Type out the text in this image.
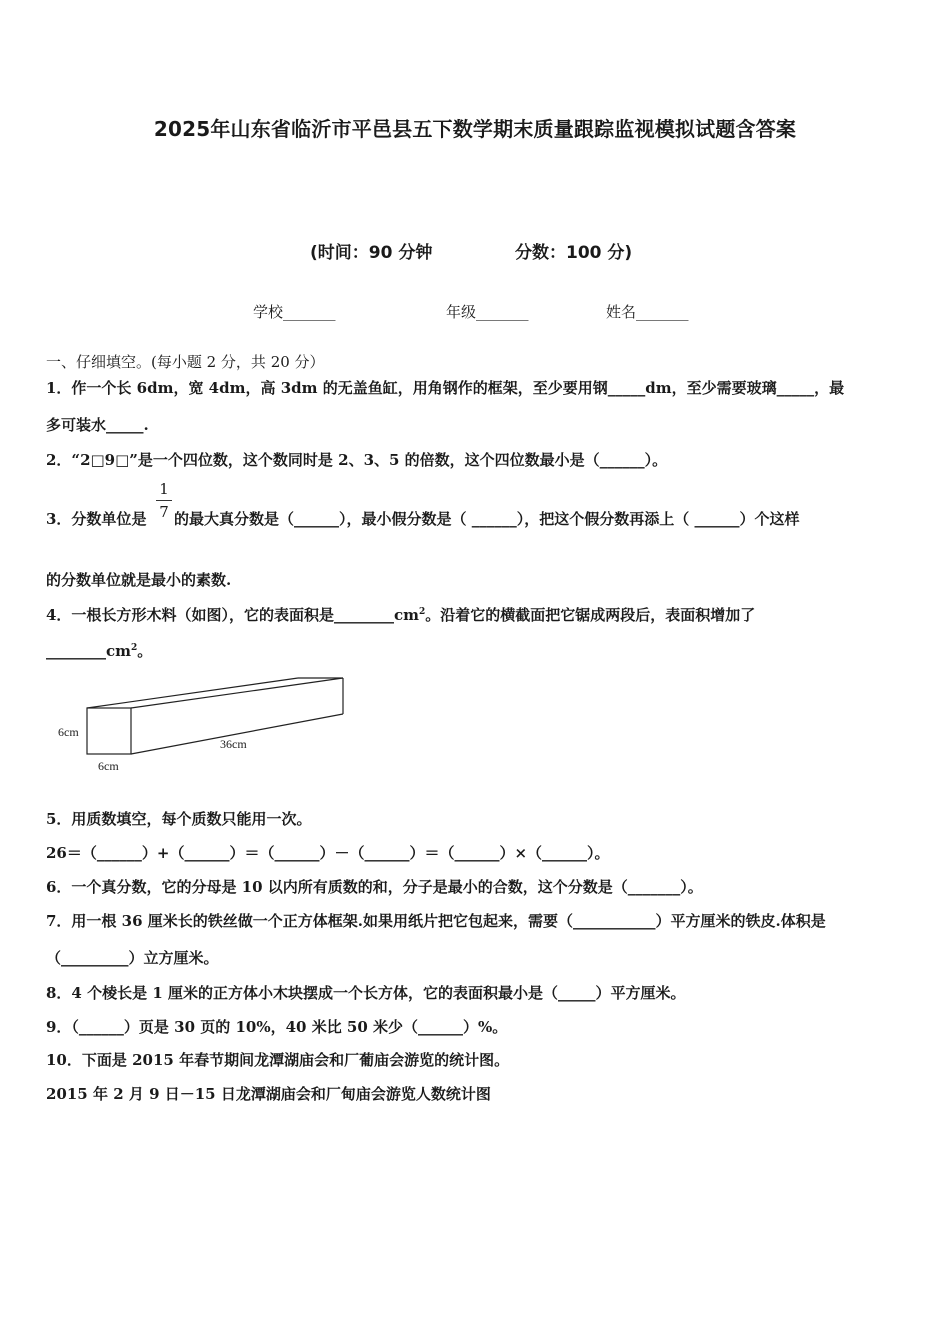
2025年山东省临沂市平邑县五下数学期末质量跟踪监视模拟试题含答案
(时间：90 分钟	分数：100 分)
学校_______	年级_______	姓名_______
一、仔细填空。(每小题 2 分，共 20 分）
1．作一个长 6dm，宽 4dm，高 3dm 的无盖鱼缸，用角钢作的框架，至少要用钢_____dm，至少需要玻璃_____，最
多可装水_____.
2．“2□9□”是一个四位数，这个数同时是 2、3、5 的倍数，这个四位数最小是（______）。
3．分数单位是
1
7 的最大真分数是（______），最小假分数是（ ______），把这个假分数再添上（ ______）个这样
的分数单位就是最小的素数.
4．一根长方形木料（如图），它的表面积是$\_\_\_\_\_\_\_\_cm^2$。沿着它的横截面把它锯成两段后，表面积增加了
$\_\_\_\_\_\_\_\_cm^2$。
6cm
6cm
36cm
5．用质数填空，每个质数只能用一次。
26＝（______）+（______）＝（______）－（______）＝（______）×（______）。
6．一个真分数，它的分母是 10 以内所有质数的和，分子是最小的合数，这个分数是（_______）。
7．用一根 36 厘米长的铁丝做一个正方体框架.如果用纸片把它包起来，需要（___________）平方厘米的铁皮.体积是
（_________）立方厘米。
8．4 个棱长是 1 厘米的正方体小木块摆成一个长方体，它的表面积最小是（_____）平方厘米。
9．（______）页是 30 页的 10%，40 米比 50 米少（______）%。
10．下面是 2015 年春节期间龙潭湖庙会和厂葡庙会游览的统计图。
2015 年 2 月 9 日－15 日龙潭湖庙会和厂甸庙会游览人数统计图
